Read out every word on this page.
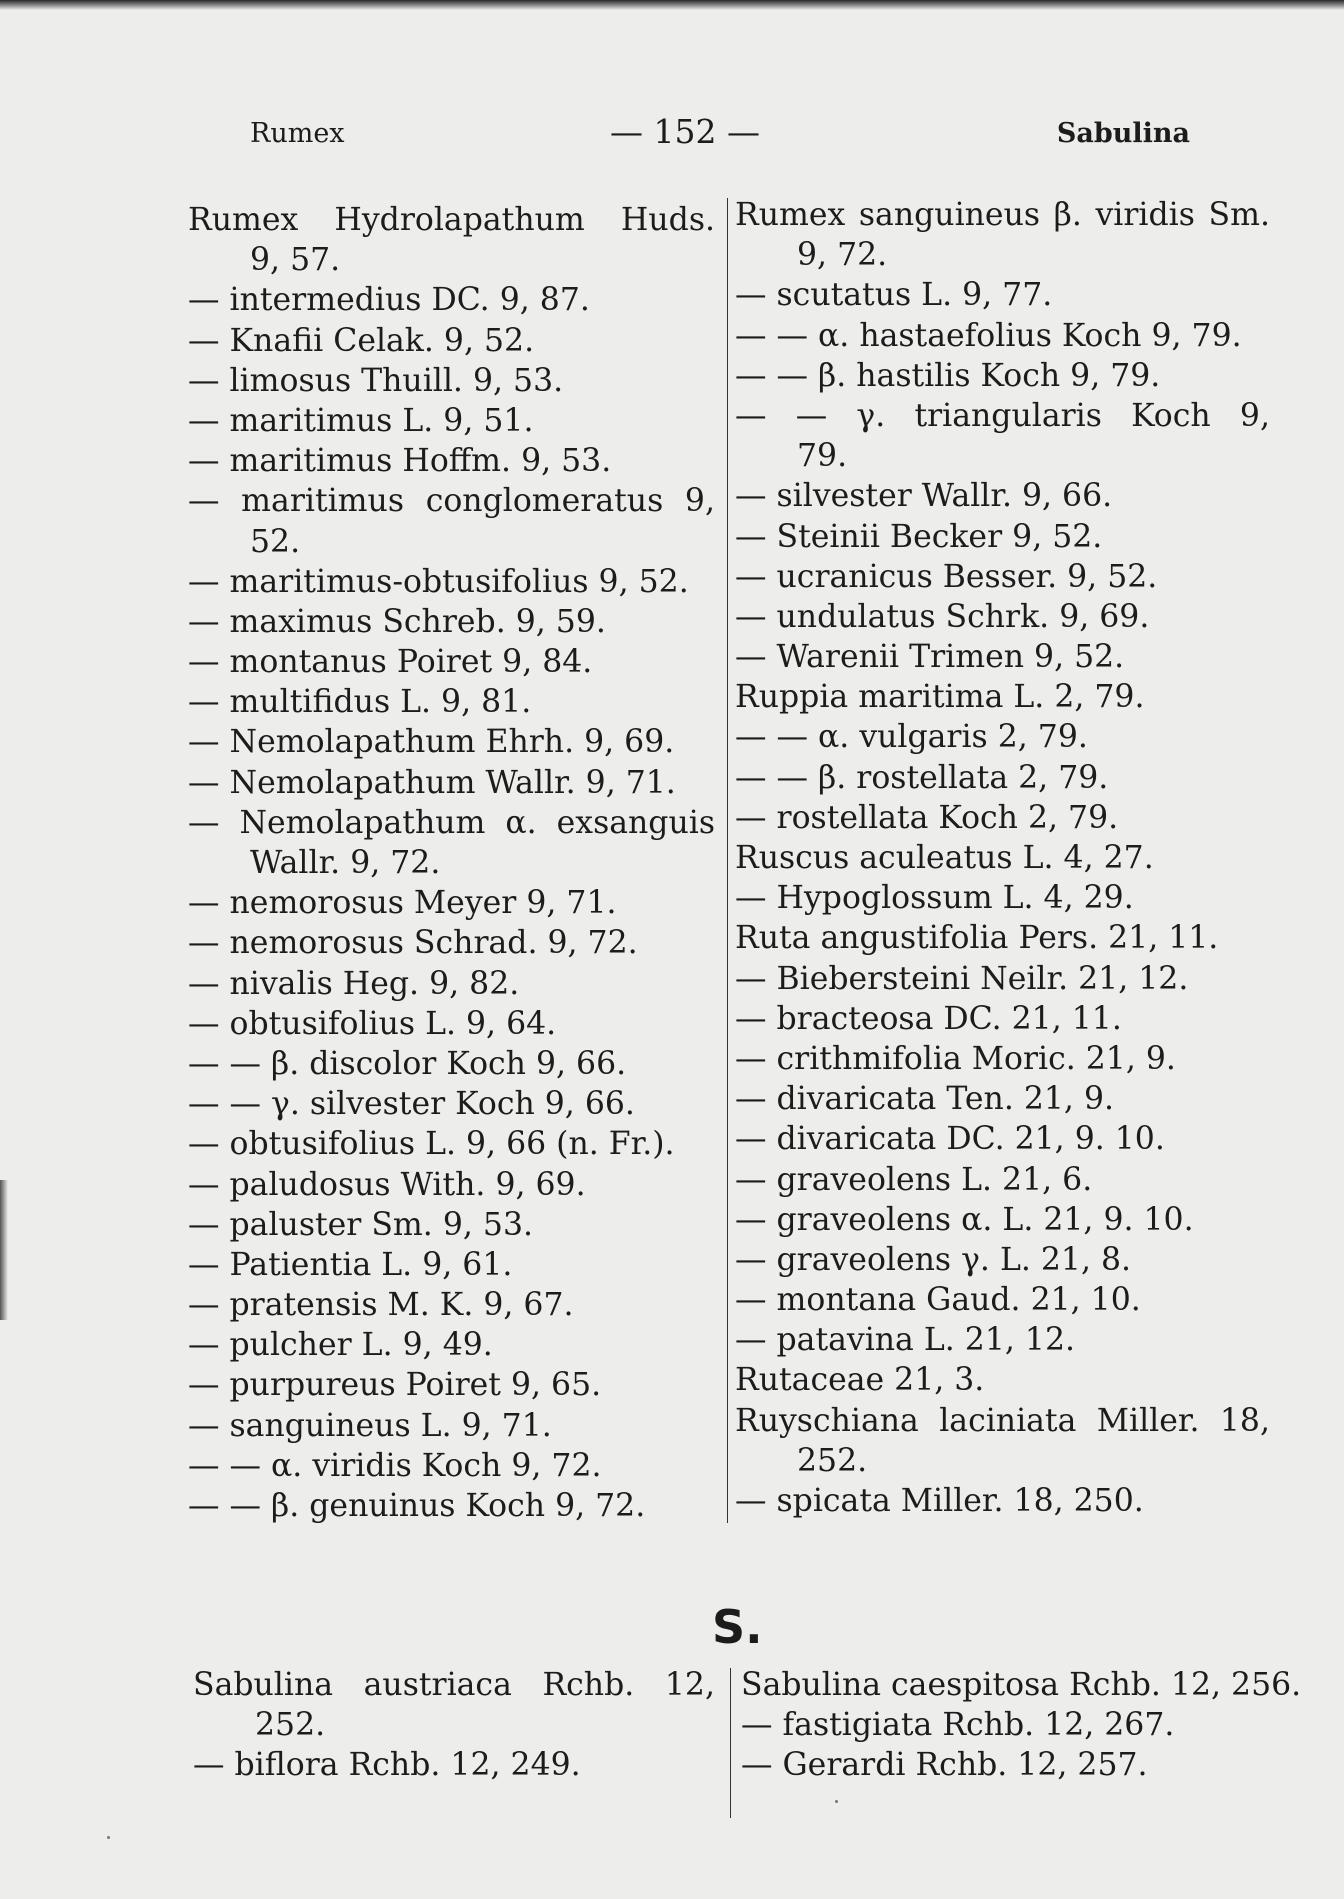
Rumex	— 152 —	Sabulina
Rumex Hydrolapathum Huds.
9, 57.
— intermedius DC. 9, 87.
— Knafii Celak. 9, 52.
— limosus Thuill. 9, 53.
— maritimus L. 9, 51.
— maritimus Hoffm. 9, 53.
— maritimus conglomeratus 9,
52.
— maritimus-obtusifolius 9, 52.
— maximus Schreb. 9, 59.
— montanus Poiret 9, 84.
— multifidus L. 9, 81.
— Nemolapathum Ehrh. 9, 69.
— Nemolapathum Wallr. 9, 71.
— Nemolapathum α. exsanguis
Wallr. 9, 72.
— nemorosus Meyer 9, 71.
— nemorosus Schrad. 9, 72.
— nivalis Heg. 9, 82.
— obtusifolius L. 9, 64.
— — β. discolor Koch 9, 66.
— — γ. silvester Koch 9, 66.
— obtusifolius L. 9, 66 (n. Fr.).
— paludosus With. 9, 69.
— paluster Sm. 9, 53.
— Patientia L. 9, 61.
— pratensis M. K. 9, 67.
— pulcher L. 9, 49.
— purpureus Poiret 9, 65.
— sanguineus L. 9, 71.
— — α. viridis Koch 9, 72.
— — β. genuinus Koch 9, 72.
Rumex sanguineus β. viridis Sm.
9, 72.
— scutatus L. 9, 77.
— — α. hastaefolius Koch 9, 79.
— — β. hastilis Koch 9, 79.
— — γ. triangularis Koch 9,
79.
— silvester Wallr. 9, 66.
— Steinii Becker 9, 52.
— ucranicus Besser. 9, 52.
— undulatus Schrk. 9, 69.
— Warenii Trimen 9, 52.
Ruppia maritima L. 2, 79.
— — α. vulgaris 2, 79.
— — β. rostellata 2, 79.
— rostellata Koch 2, 79.
Ruscus aculeatus L. 4, 27.
— Hypoglossum L. 4, 29.
Ruta angustifolia Pers. 21, 11.
— Biebersteini Neilr. 21, 12.
— bracteosa DC. 21, 11.
— crithmifolia Moric. 21, 9.
— divaricata Ten. 21, 9.
— divaricata DC. 21, 9. 10.
— graveolens L. 21, 6.
— graveolens α. L. 21, 9. 10.
— graveolens γ. L. 21, 8.
— montana Gaud. 21, 10.
— patavina L. 21, 12.
Rutaceae 21, 3.
Ruyschiana laciniata Miller. 18,
252.
— spicata Miller. 18, 250.
S.
Sabulina austriaca Rchb. 12,
252.
— biflora Rchb. 12, 249.
Sabulina caespitosa Rchb. 12, 256.
— fastigiata Rchb. 12, 267.
— Gerardi Rchb. 12, 257.
